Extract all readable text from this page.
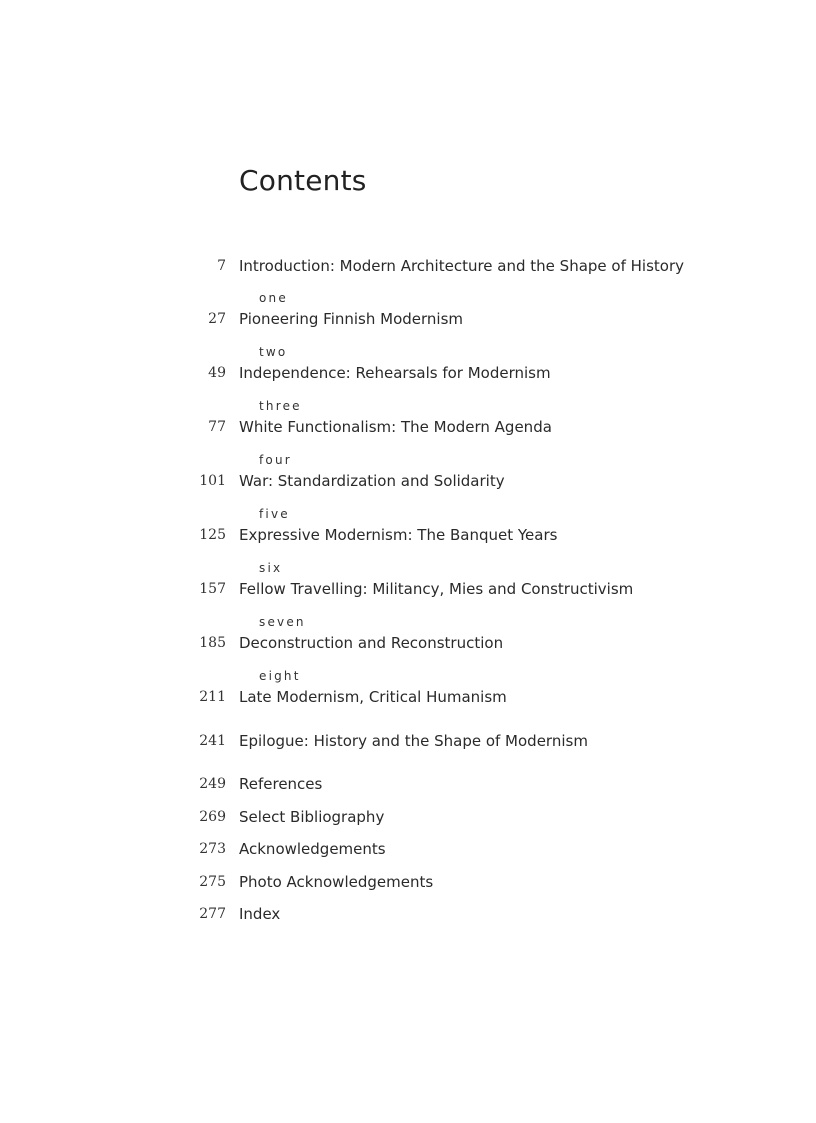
Contents
7 Introduction: Modern Architecture and the Shape of History
one
27 Pioneering Finnish Modernism
two
49 Independence: Rehearsals for Modernism
three
77 White Functionalism: The Modern Agenda
four
101 War: Standardization and Solidarity
five
125 Expressive Modernism: The Banquet Years
six
157 Fellow Travelling: Militancy, Mies and Constructivism
seven
185 Deconstruction and Reconstruction
eight
211 Late Modernism, Critical Humanism
241 Epilogue: History and the Shape of Modernism
249 References
269 Select Bibliography
273 Acknowledgements
275 Photo Acknowledgements
277 Index
